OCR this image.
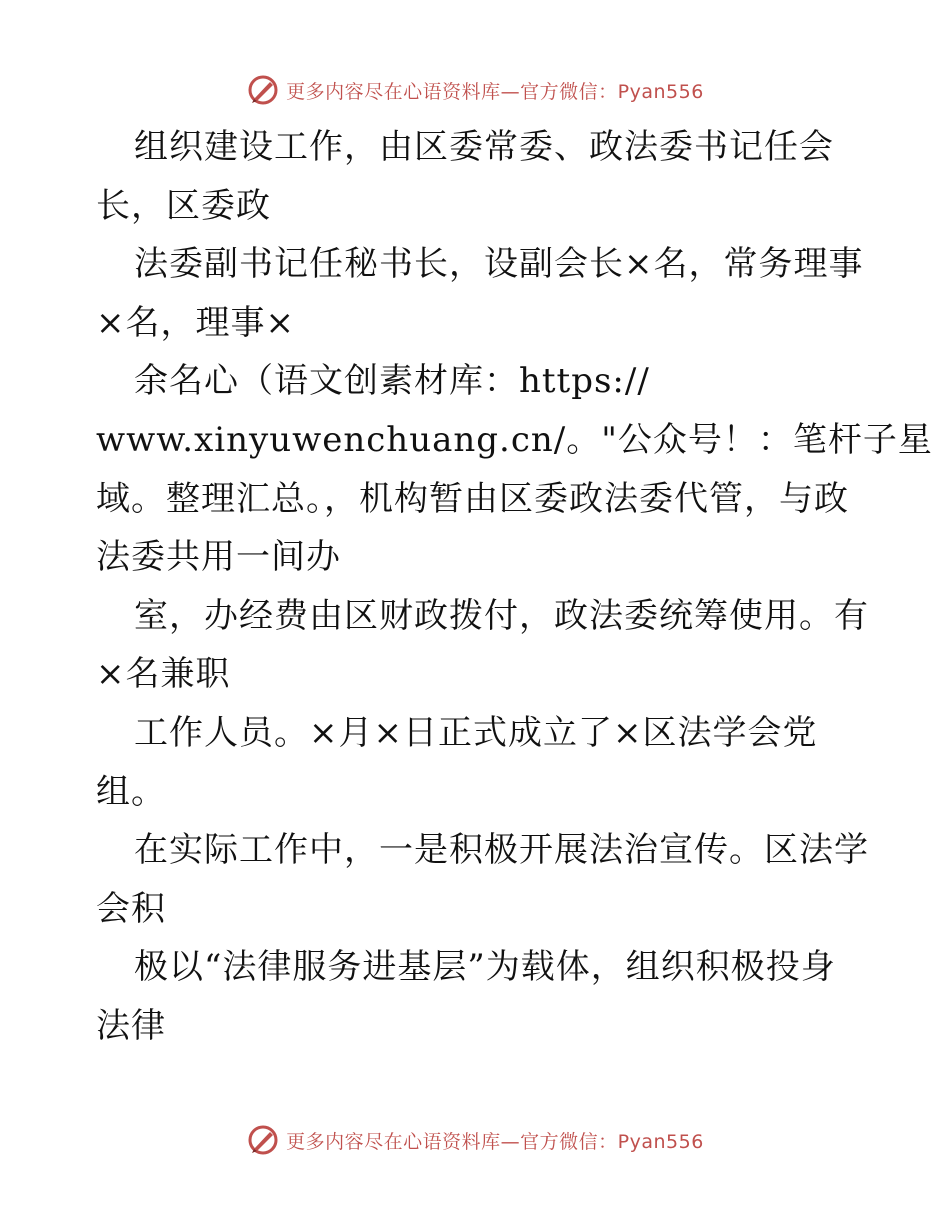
更多内容尽在心语资料库—官方微信：Pyan556
组织建设工作，由区委常委、政法委书记任会
长，区委政
法委副书记任秘书长，设副会长×名，常务理事
×名，理事×
余名心（语文创素材库：https://
www.xinyuwenchuang.cn/。"公众号！：笔杆子星
域。整理汇总。，机构暂由区委政法委代管，与政
法委共用一间办
室，办经费由区财政拨付，政法委统筹使用。有
×名兼职
工作人员。×月×日正式成立了×区法学会党
组。
在实际工作中，一是积极开展法治宣传。区法学
会积
极以“法律服务进基层”为载体，组织积极投身
法律
更多内容尽在心语资料库—官方微信：Pyan556
